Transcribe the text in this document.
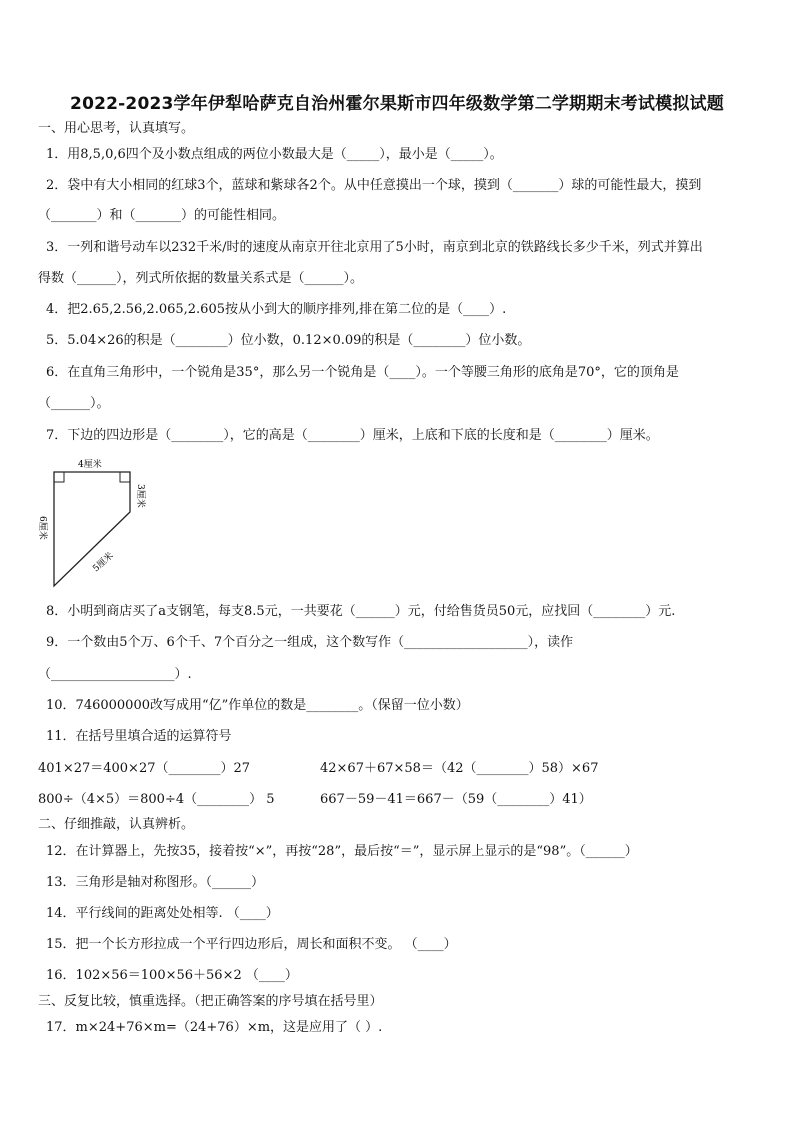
2022-2023学年伊犁哈萨克自治州霍尔果斯市四年级数学第二学期期末考试模拟试题
一、用心思考，认真填写。
1．用8,5,0,6四个及小数点组成的两位小数最大是（_____），最小是（_____）。
2．袋中有大小相同的红球3个，蓝球和紫球各2个。从中任意摸出一个球，摸到（_______）球的可能性最大，摸到
（_______）和（_______）的可能性相同。
3．一列和谐号动车以232千米/时的速度从南京开往北京用了5小时，南京到北京的铁路线长多少千米，列式并算出
得数（______），列式所依据的数量关系式是（______）。
4．把2.65,2.56,2.065,2.605按从小到大的顺序排列,排在第二位的是（____）.
5．5.04×26的积是（________）位小数，0.12×0.09的积是（________）位小数。
6．在直角三角形中，一个锐角是35°，那么另一个锐角是（____）。一个等腰三角形的底角是70°，它的顶角是
（______）。
7．下边的四边形是（________），它的高是（________）厘米，上底和下底的长度和是（________）厘米。
4厘米
3厘米
6厘米
5厘米
8．小明到商店买了a支钢笔，每支8.5元，一共要花（______）元，付给售货员50元，应找回（________）元.
9．一个数由5个万、6个千、7个百分之一组成，这个数写作（___________________），读作
（___________________）.
10．746000000改写成用“亿”作单位的数是________。（保留一位小数）
11．在括号里填合适的运算符号
401×27＝400×27（________）27	42×67＋67×58＝（42（________）58）×67
800÷（4×5）＝800÷4（________） 5	667－59－41＝667－（59（________）41）
二、仔细推敲，认真辨析。
12．在计算器上，先按35，接着按“×”，再按“28”，最后按“＝”，显示屏上显示的是“98”。（______）
13．三角形是轴对称图形。（______）
14．平行线间的距离处处相等. （____）
15．把一个长方形拉成一个平行四边形后，周长和面积不变。 （____）
16．102×56＝100×56＋56×2 （____）
三、反复比较，慎重选择。（把正确答案的序号填在括号里）
17．m×24+76×m=（24+76）×m，这是应用了（ ）.
